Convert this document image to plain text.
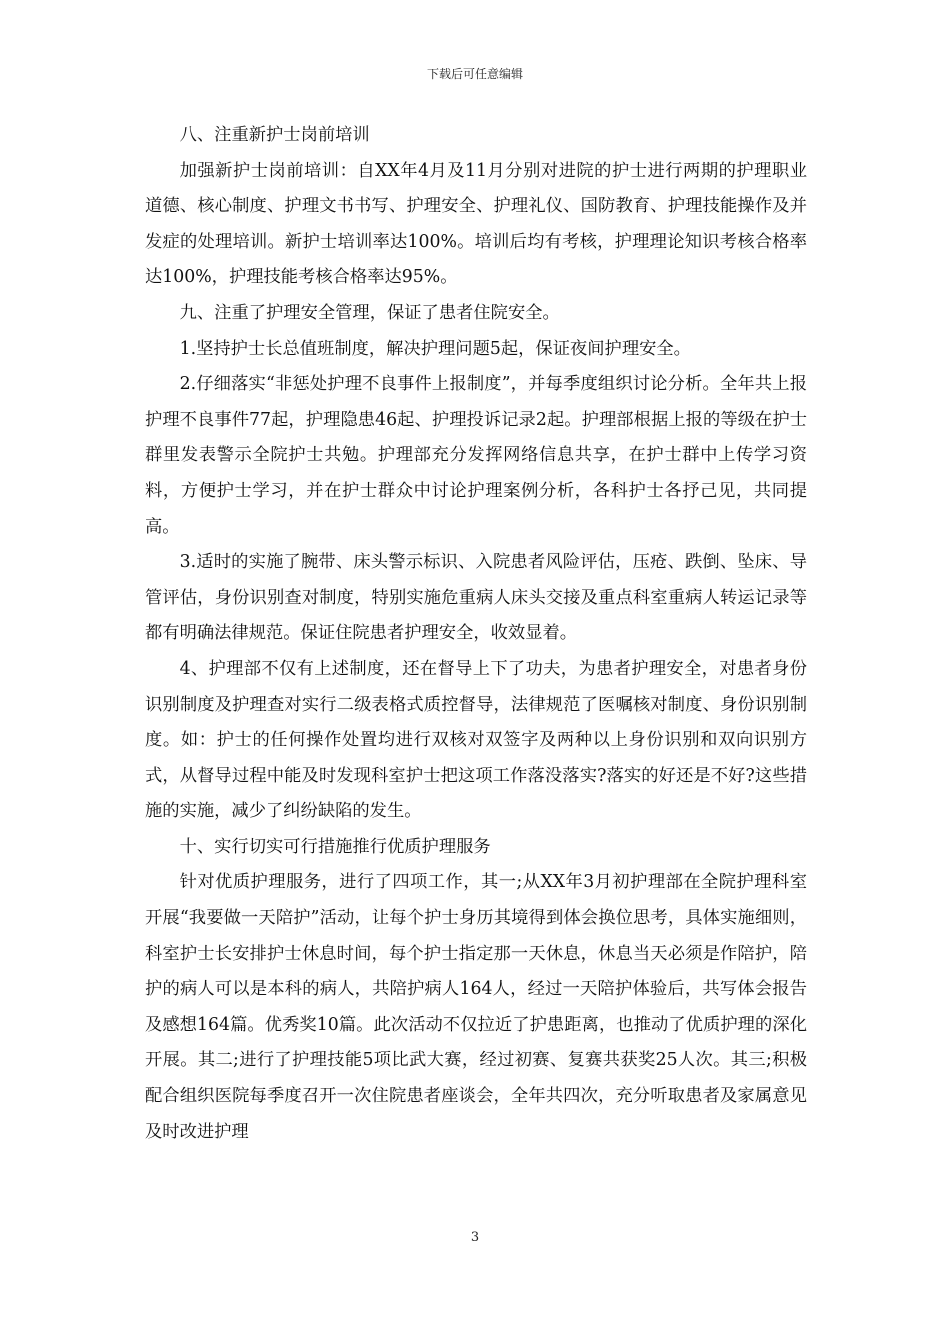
下载后可任意编辑

八、注重新护士岗前培训

加强新护士岗前培训：自XX年4月及11月分别对进院的护士进行两期的护理职业道德、核心制度、护理文书书写、护理安全、护理礼仪、国防教育、护理技能操作及并发症的处理培训。新护士培训率达100%。培训后均有考核，护理理论知识考核合格率达100%，护理技能考核合格率达95%。

九、注重了护理安全管理，保证了患者住院安全。

1.坚持护士长总值班制度，解决护理问题5起，保证夜间护理安全。

2.仔细落实“非惩处护理不良事件上报制度”，并每季度组织讨论分析。全年共上报护理不良事件77起，护理隐患46起、护理投诉记录2起。护理部根据上报的等级在护士群里发表警示全院护士共勉。护理部充分发挥网络信息共享，在护士群中上传学习资料，方便护士学习，并在护士群众中讨论护理案例分析，各科护士各抒己见，共同提高。

3.适时的实施了腕带、床头警示标识、入院患者风险评估，压疮、跌倒、坠床、导管评估，身份识别查对制度，特别实施危重病人床头交接及重点科室重病人转运记录等都有明确法律规范。保证住院患者护理安全，收效显着。

4、护理部不仅有上述制度，还在督导上下了功夫，为患者护理安全，对患者身份识别制度及护理查对实行二级表格式质控督导，法律规范了医嘱核对制度、身份识别制度。如：护士的任何操作处置均进行双核对双签字及两种以上身份识别和双向识别方式，从督导过程中能及时发现科室护士把这项工作落没落实?落实的好还是不好?这些措施的实施，减少了纠纷缺陷的发生。

十、实行切实可行措施推行优质护理服务

针对优质护理服务，进行了四项工作，其一;从XX年3月初护理部在全院护理科室开展“我要做一天陪护”活动，让每个护士身历其境得到体会换位思考，具体实施细则，科室护士长安排护士休息时间，每个护士指定那一天休息，休息当天必须是作陪护，陪护的病人可以是本科的病人，共陪护病人164人，经过一天陪护体验后，共写体会报告及感想164篇。优秀奖10篇。此次活动不仅拉近了护患距离，也推动了优质护理的深化开展。其二;进行了护理技能5项比武大赛，经过初赛、复赛共获奖25人次。其三;积极配合组织医院每季度召开一次住院患者座谈会，全年共四次，充分听取患者及家属意见及时改进护理

3
